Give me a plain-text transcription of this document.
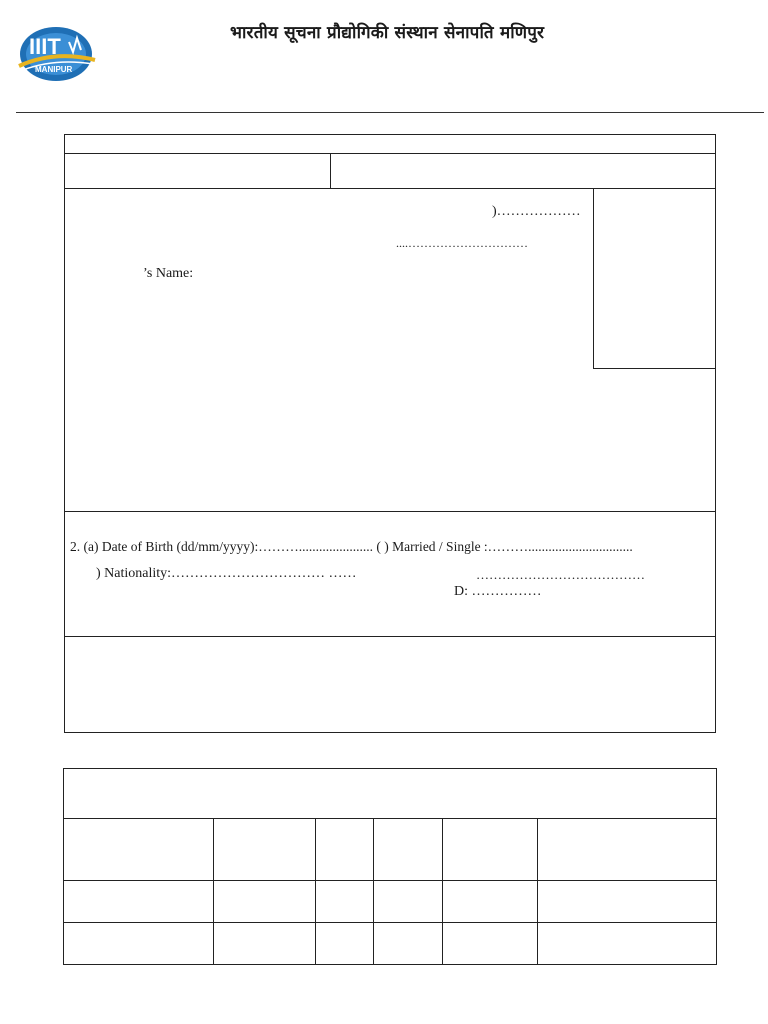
IIIT
MANIPUR
भारतीय सूचना प्रौद्योगिकी संस्थान सेनापति मणिपुर
)………………
....…………………………
’s Name:
2. (a) Date of Birth (dd/mm/yyyy):………...................... ( ) Married / Single :………...............................
) Nationality:…………………………… ……	…………………………………
D: ……………
